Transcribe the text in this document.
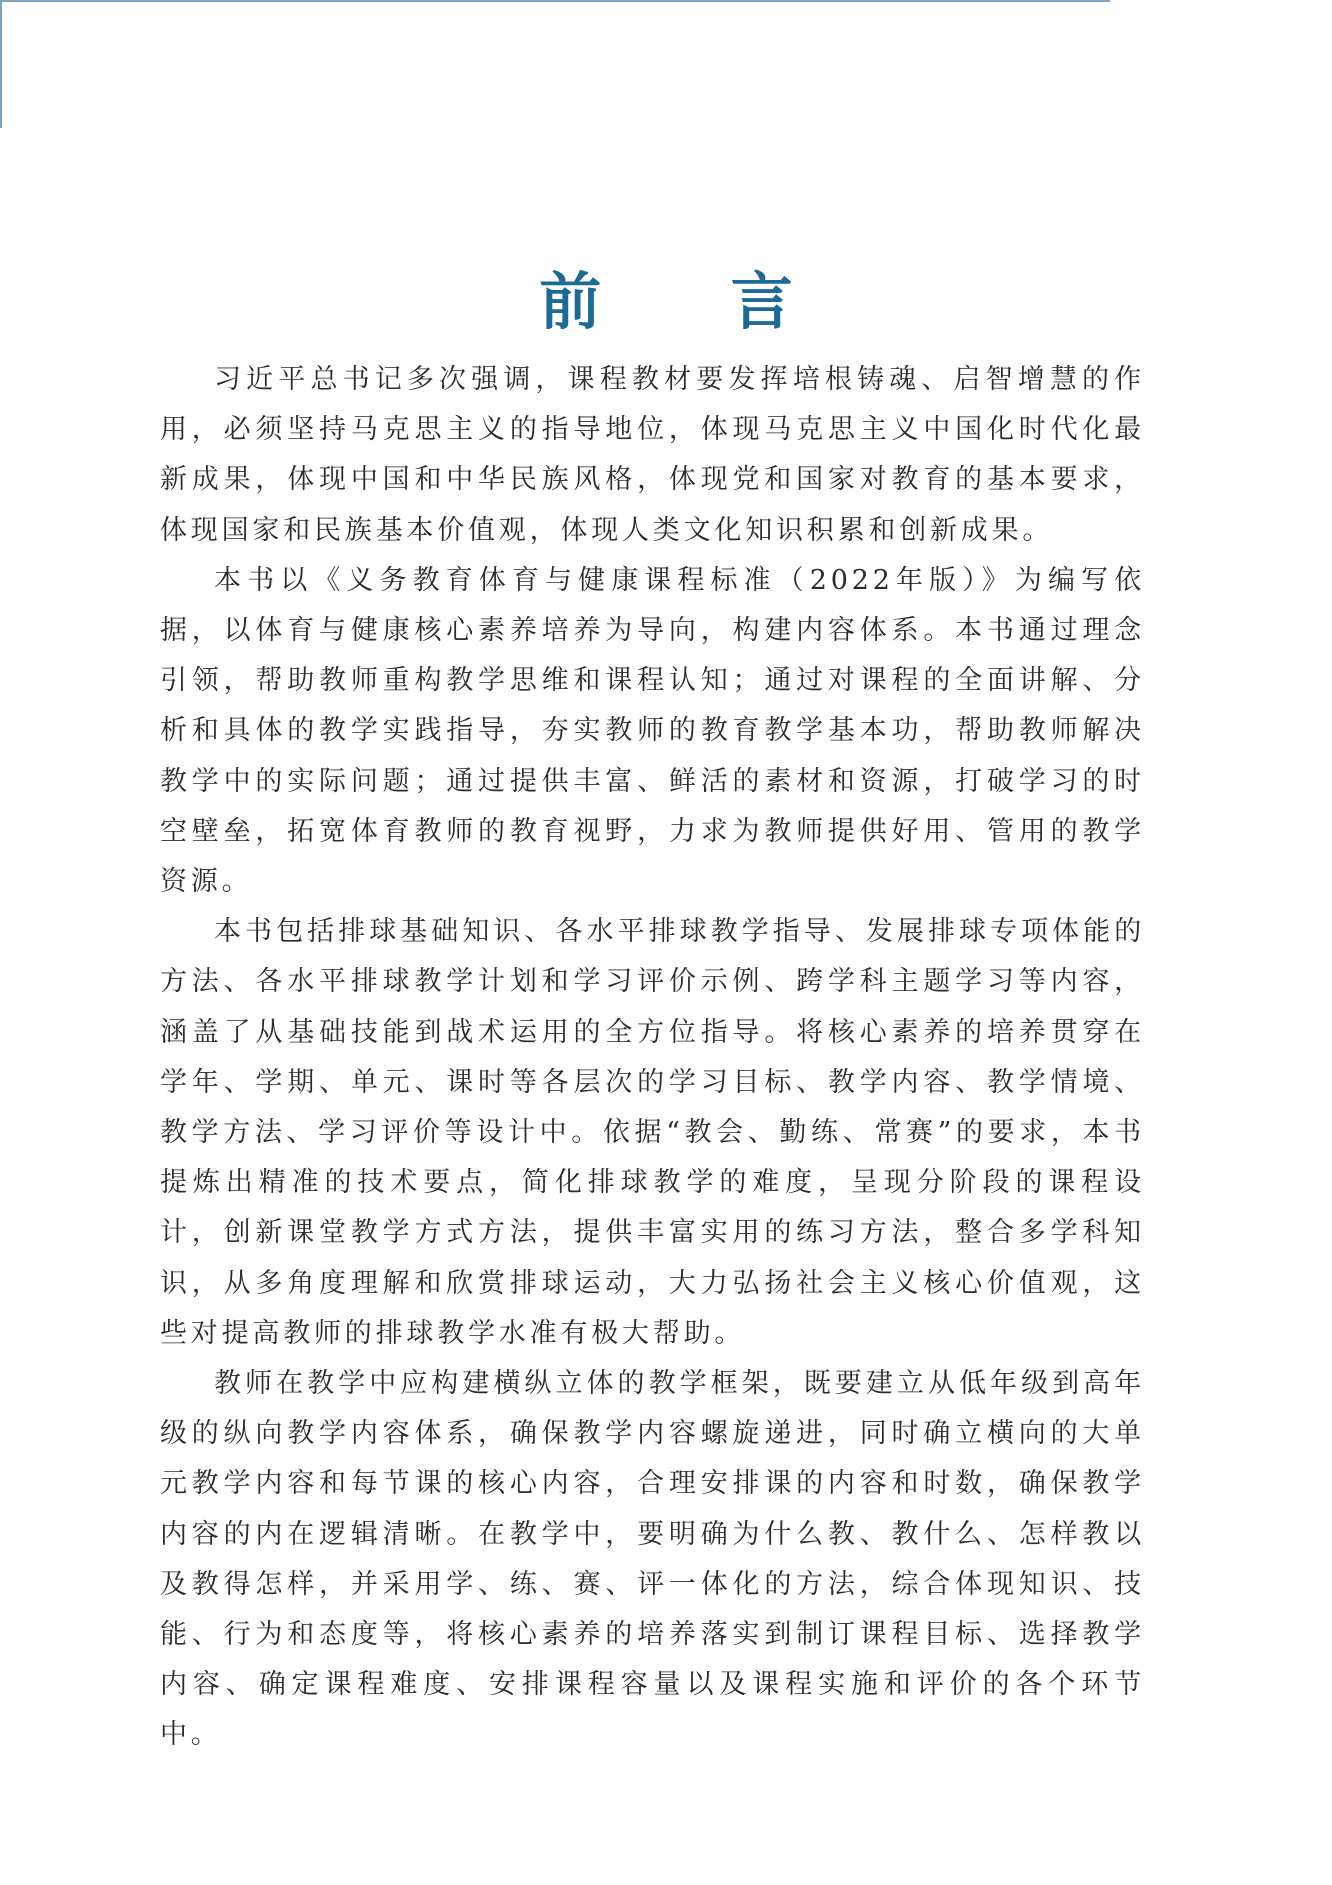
前 言

习近平总书记多次强调，课程教材要发挥培根铸魂、启智增慧的作用，必须坚持马克思主义的指导地位，体现马克思主义中国化时代化最新成果，体现中国和中华民族风格，体现党和国家对教育的基本要求，体现国家和民族基本价值观，体现人类文化知识积累和创新成果。

本书以《义务教育体育与健康课程标准（2022年版）》为编写依据，以体育与健康核心素养培养为导向，构建内容体系。本书通过理念引领，帮助教师重构教学思维和课程认知；通过对课程的全面讲解、分析和具体的教学实践指导，夯实教师的教育教学基本功，帮助教师解决教学中的实际问题；通过提供丰富、鲜活的素材和资源，打破学习的时空壁垒，拓宽体育教师的教育视野，力求为教师提供好用、管用的教学资源。

本书包括排球基础知识、各水平排球教学指导、发展排球专项体能的方法、各水平排球教学计划和学习评价示例、跨学科主题学习等内容，涵盖了从基础技能到战术运用的全方位指导。将核心素养的培养贯穿在学年、学期、单元、课时等各层次的学习目标、教学内容、教学情境、教学方法、学习评价等设计中。依据“教会、勤练、常赛”的要求，本书提炼出精准的技术要点，简化排球教学的难度，呈现分阶段的课程设计，创新课堂教学方式方法，提供丰富实用的练习方法，整合多学科知识，从多角度理解和欣赏排球运动，大力弘扬社会主义核心价值观，这些对提高教师的排球教学水准有极大帮助。

教师在教学中应构建横纵立体的教学框架，既要建立从低年级到高年级的纵向教学内容体系，确保教学内容螺旋递进，同时确立横向的大单元教学内容和每节课的核心内容，合理安排课的内容和时数，确保教学内容的内在逻辑清晰。在教学中，要明确为什么教、教什么、怎样教以及教得怎样，并采用学、练、赛、评一体化的方法，综合体现知识、技能、行为和态度等，将核心素养的培养落实到制订课程目标、选择教学内容、确定课程难度、安排课程容量以及课程实施和评价的各个环节中。
